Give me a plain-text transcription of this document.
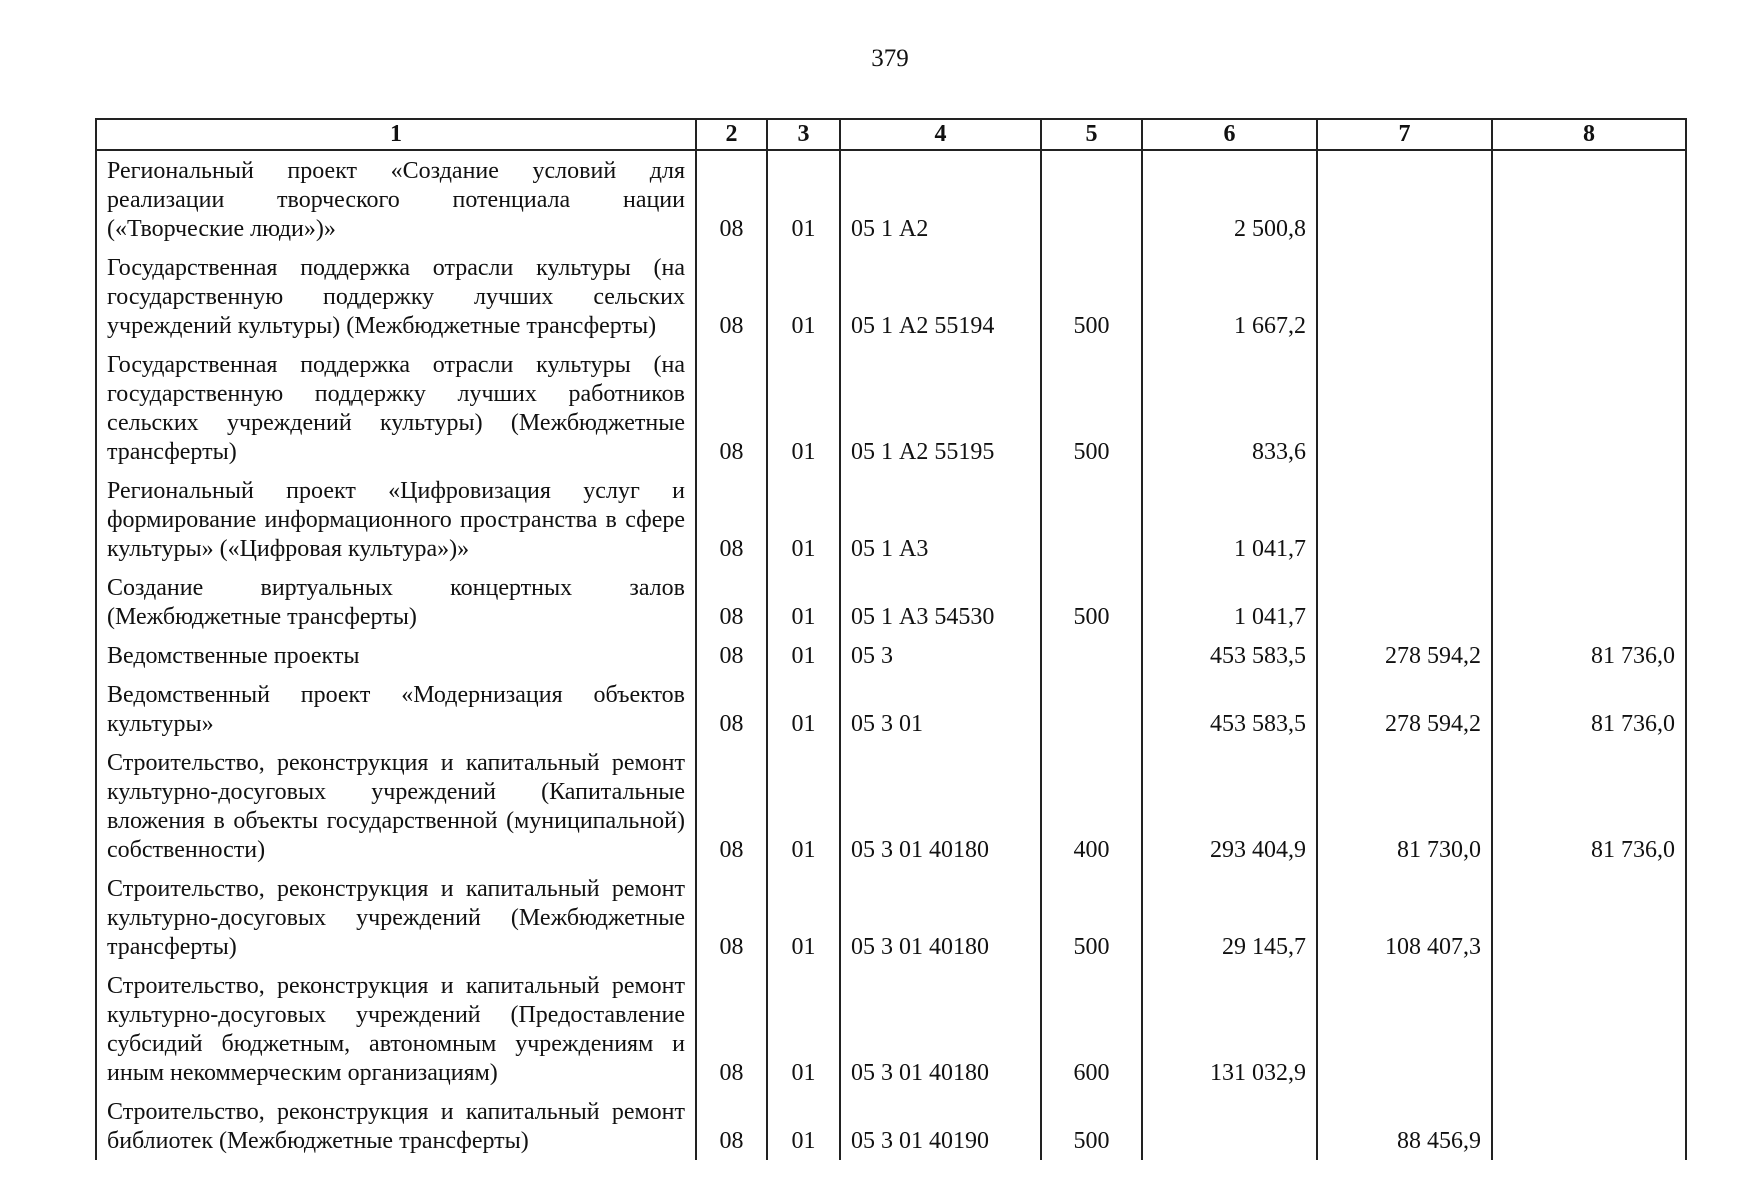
379
1	2	3	4	5	6	7	8
Региональный проект «Создание условий для реализации творческого потенциала нации («Творческие люди»)»	08	01	05 1 А2		2 500,8		
Государственная поддержка отрасли культуры (на государственную поддержку лучших сельских учреждений культуры) (Межбюджетные трансферты)	08	01	05 1 А2 55194	500	1 667,2		
Государственная поддержка отрасли культуры (на государственную поддержку лучших работников сельских учреждений культуры) (Межбюджетные трансферты)	08	01	05 1 А2 55195	500	833,6		
Региональный проект «Цифровизация услуг и формирование информационного пространства в сфере культуры» («Цифровая культура»)»	08	01	05 1 А3		1 041,7		
Создание виртуальных концертных залов (Межбюджетные трансферты)	08	01	05 1 А3 54530	500	1 041,7		
Ведомственные проекты	08	01	05 3		453 583,5	278 594,2	81 736,0
Ведомственный проект «Модернизация объектов культуры»	08	01	05 3 01		453 583,5	278 594,2	81 736,0
Строительство, реконструкция и капитальный ремонт культурно-досуговых учреждений (Капитальные вложения в объекты государственной (муниципальной) собственности)	08	01	05 3 01 40180	400	293 404,9	81 730,0	81 736,0
Строительство, реконструкция и капитальный ремонт культурно-досуговых учреждений (Межбюджетные трансферты)	08	01	05 3 01 40180	500	29 145,7	108 407,3	
Строительство, реконструкция и капитальный ремонт культурно-досуговых учреждений (Предоставление субсидий бюджетным, автономным учреждениям и иным некоммерческим организациям)	08	01	05 3 01 40180	600	131 032,9		
Строительство, реконструкция и капитальный ремонт библиотек (Межбюджетные трансферты)	08	01	05 3 01 40190	500		88 456,9	
